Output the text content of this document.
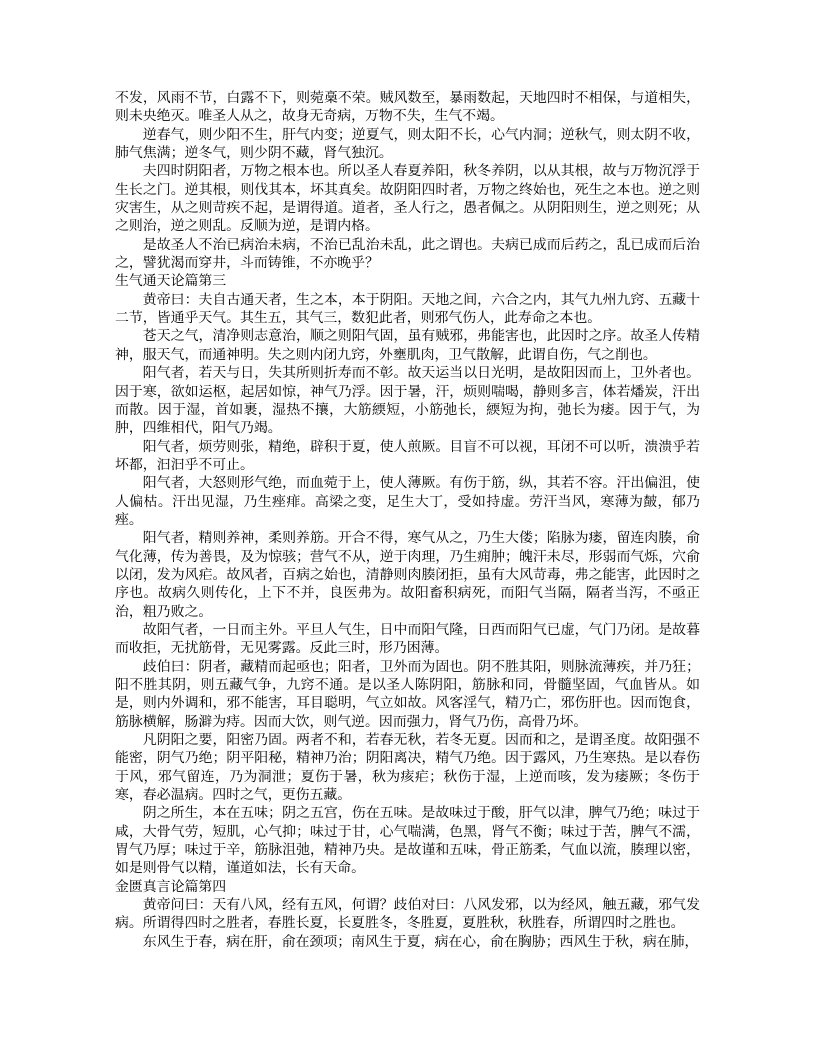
不发，风雨不节，白露不下，则菀槀不荣。贼风数至，暴雨数起，天地四时不相保，与道相失，则未央绝灭。唯圣人从之，故身无奇病，万物不失，生气不竭。

逆春气，则少阳不生，肝气内变；逆夏气，则太阳不长，心气内洞；逆秋气，则太阴不收，肺气焦满；逆冬气，则少阴不藏，肾气独沉。

夫四时阴阳者，万物之根本也。所以圣人春夏养阳，秋冬养阴，以从其根，故与万物沉浮于生长之门。逆其根，则伐其本，坏其真矣。故阴阳四时者，万物之终始也，死生之本也。逆之则灾害生，从之则苛疾不起，是谓得道。道者，圣人行之，愚者佩之。从阴阳则生，逆之则死；从之则治，逆之则乱。反顺为逆，是谓内格。

是故圣人不治已病治未病，不治已乱治未乱，此之谓也。夫病已成而后药之，乱已成而后治之，譬犹渴而穿井，斗而铸锥，不亦晚乎？

生气通天论篇第三

黄帝曰：夫自古通天者，生之本，本于阴阳。天地之间，六合之内，其气九州九窍、五藏十二节，皆通乎天气。其生五，其气三，数犯此者，则邪气伤人，此寿命之本也。

苍天之气，清净则志意治，顺之则阳气固，虽有贼邪，弗能害也，此因时之序。故圣人传精神，服天气，而通神明。失之则内闭九窍，外壅肌肉，卫气散解，此谓自伤，气之削也。

阳气者，若天与日，失其所则折寿而不彰。故天运当以日光明，是故阳因而上，卫外者也。因于寒，欲如运枢，起居如惊，神气乃浮。因于暑，汗，烦则喘喝，静则多言，体若燔炭，汗出而散。因于湿，首如裹，湿热不攘，大筋緛短，小筋弛长，緛短为拘，弛长为痿。因于气，为肿，四维相代，阳气乃竭。

阳气者，烦劳则张，精绝，辟积于夏，使人煎厥。目盲不可以视，耳闭不可以听，溃溃乎若坏都，汩汩乎不可止。

阳气者，大怒则形气绝，而血菀于上，使人薄厥。有伤于筋，纵，其若不容。汗出偏沮，使人偏枯。汗出见湿，乃生痤痱。高梁之变，足生大丁，受如持虚。劳汗当风，寒薄为皶，郁乃痤。

阳气者，精则养神，柔则养筋。开合不得，寒气从之，乃生大偻；陷脉为瘘，留连肉腠，俞气化薄，传为善畏，及为惊骇；营气不从，逆于肉理，乃生痈肿；魄汗未尽，形弱而气烁，穴俞以闭，发为风疟。故风者，百病之始也，清静则肉腠闭拒，虽有大风苛毒，弗之能害，此因时之序也。故病久则传化，上下不并，良医弗为。故阳畜积病死，而阳气当隔，隔者当泻，不亟正治，粗乃败之。

故阳气者，一日而主外。平旦人气生，日中而阳气隆，日西而阳气已虚，气门乃闭。是故暮而收拒，无扰筋骨，无见雾露。反此三时，形乃困薄。

歧伯曰：阴者，藏精而起亟也；阳者，卫外而为固也。阴不胜其阳，则脉流薄疾，并乃狂；阳不胜其阴，则五藏气争，九窍不通。是以圣人陈阴阳，筋脉和同，骨髓坚固，气血皆从。如是，则内外调和，邪不能害，耳目聪明，气立如故。风客淫气，精乃亡，邪伤肝也。因而饱食，筋脉横解，肠澼为痔。因而大饮，则气逆。因而强力，肾气乃伤，高骨乃坏。

凡阴阳之要，阳密乃固。两者不和，若春无秋，若冬无夏。因而和之，是谓圣度。故阳强不能密，阴气乃绝；阴平阳秘，精神乃治；阴阳离决，精气乃绝。因于露风，乃生寒热。是以春伤于风，邪气留连，乃为洞泄；夏伤于暑，秋为痎疟；秋伤于湿，上逆而咳，发为痿厥；冬伤于寒，春必温病。四时之气，更伤五藏。

阴之所生，本在五味；阴之五宫，伤在五味。是故味过于酸，肝气以津，脾气乃绝；味过于咸，大骨气劳，短肌，心气抑；味过于甘，心气喘满，色黑，肾气不衡；味过于苦，脾气不濡，胃气乃厚；味过于辛，筋脉沮弛，精神乃央。是故谨和五味，骨正筋柔，气血以流，腠理以密，如是则骨气以精，谨道如法，长有天命。

金匮真言论篇第四

黄帝问曰：天有八风，经有五风，何谓？歧伯对曰：八风发邪，以为经风，触五藏，邪气发病。所谓得四时之胜者，春胜长夏，长夏胜冬，冬胜夏，夏胜秋，秋胜春，所谓四时之胜也。

东风生于春，病在肝，俞在颈项；南风生于夏，病在心，俞在胸胁；西风生于秋，病在肺，
